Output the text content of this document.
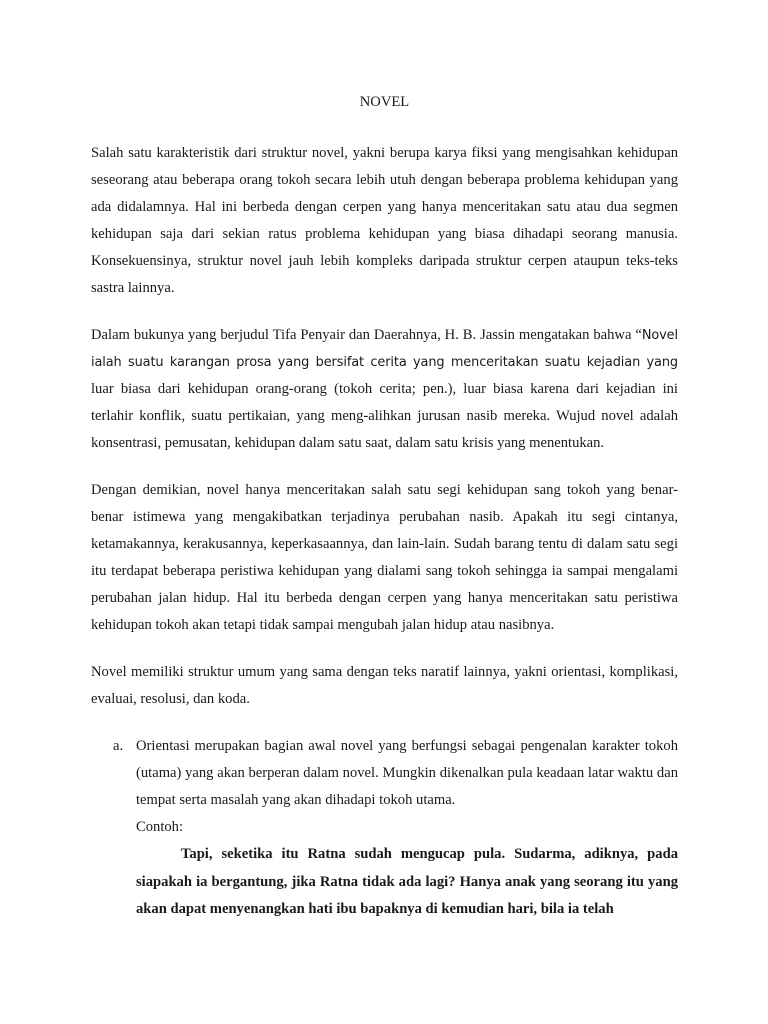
NOVEL

Salah satu karakteristik dari struktur novel, yakni berupa karya fiksi yang mengisahkan kehidupan seseorang atau beberapa orang tokoh secara lebih utuh dengan beberapa problema kehidupan yang ada didalamnya. Hal ini berbeda dengan cerpen yang hanya menceritakan satu atau dua segmen kehidupan saja dari sekian ratus problema kehidupan yang biasa dihadapi seorang manusia. Konsekuensinya, struktur novel jauh lebih kompleks daripada struktur cerpen ataupun teks-teks sastra lainnya.

Dalam bukunya yang berjudul Tifa Penyair dan Daerahnya, H. B. Jassin mengatakan bahwa “Novel ialah suatu karangan prosa yang bersifat cerita yang menceritakan suatu kejadian yang luar biasa dari kehidupan orang-orang (tokoh cerita; pen.), luar biasa karena dari kejadian ini terlahir konflik, suatu pertikaian, yang meng-alihkan jurusan nasib mereka. Wujud novel adalah konsentrasi, pemusatan, kehidupan dalam satu saat, dalam satu krisis yang menentukan.

Dengan demikian, novel hanya menceritakan salah satu segi kehidupan sang tokoh yang benar-benar istimewa yang mengakibatkan terjadinya perubahan nasib. Apakah itu segi cintanya, ketamakannya, kerakusannya, keperkasaannya, dan lain-lain. Sudah barang tentu di dalam satu segi itu terdapat beberapa peristiwa kehidupan yang dialami sang tokoh sehingga ia sampai mengalami perubahan jalan hidup. Hal itu berbeda dengan cerpen yang hanya menceritakan satu peristiwa kehidupan tokoh akan tetapi tidak sampai mengubah jalan hidup atau nasibnya.

Novel memiliki struktur umum yang sama dengan teks naratif lainnya, yakni orientasi, komplikasi, evaluai, resolusi, dan koda.

a. Orientasi merupakan bagian awal novel yang berfungsi sebagai pengenalan karakter tokoh (utama) yang akan berperan dalam novel. Mungkin dikenalkan pula keadaan latar waktu dan tempat serta masalah yang akan dihadapi tokoh utama.

Contoh:

Tapi, seketika itu Ratna sudah mengucap pula. Sudarma, adiknya, pada siapakah ia bergantung, jika Ratna tidak ada lagi? Hanya anak yang seorang itu yang akan dapat menyenangkan hati ibu bapaknya di kemudian hari, bila ia telah
